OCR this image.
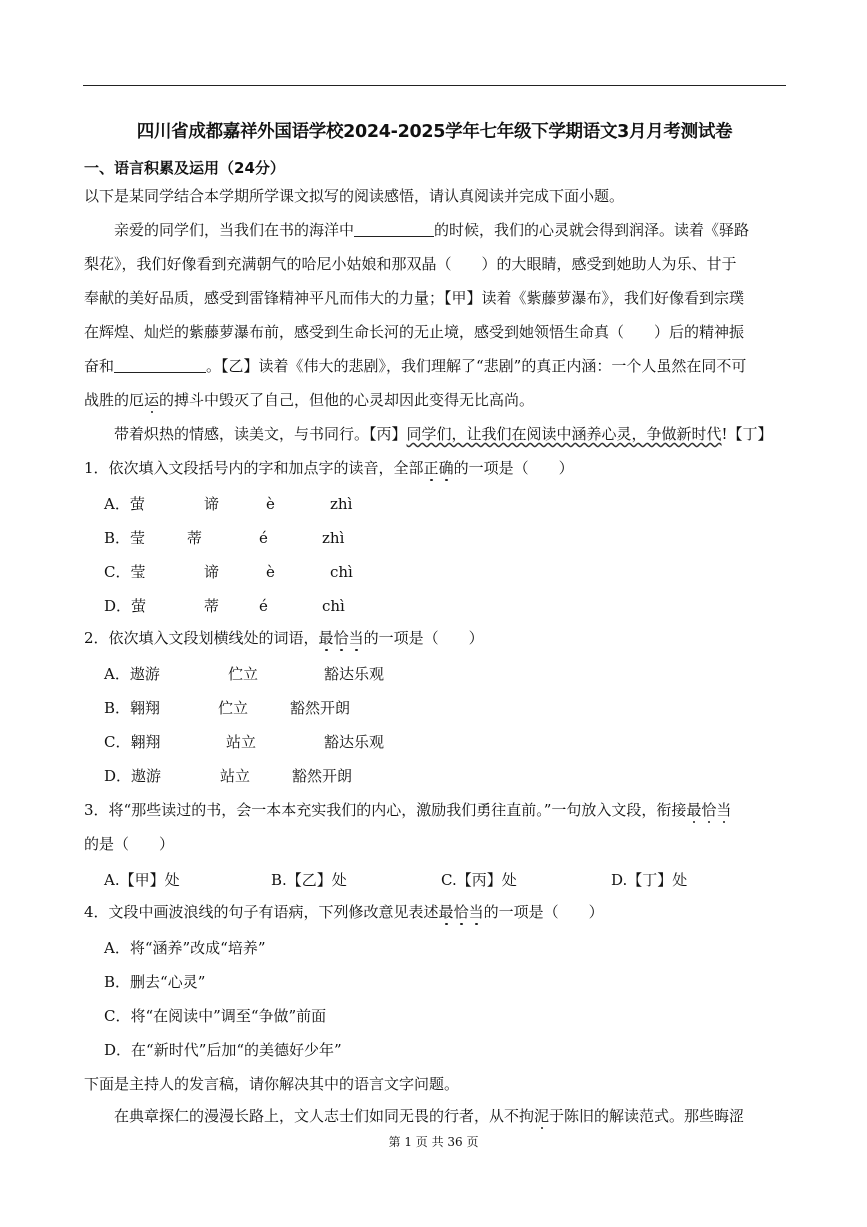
四川省成都嘉祥外国语学校2024-2025学年七年级下学期语文3月月考测试卷
一、语言积累及运用（24分）
以下是某同学结合本学期所学课文拟写的阅读感悟，请认真阅读并完成下面小题。
亲爱的同学们，当我们在书的海洋中	的时候，我们的心灵就会得到润泽。读着《驿路
梨花》，我们好像看到充满朝气的哈尼小姑娘和那双晶（　　）的大眼睛，感受到她助人为乐、甘于
奉献的美好品质，感受到雷锋精神平凡而伟大的力量；【甲】读着《紫藤萝瀑布》，我们好像看到宗璞
在辉煌、灿烂的紫藤萝瀑布前，感受到生命长河的无止境，感受到她领悟生命真（　　）后的精神振
奋和	。【乙】读着《伟大的悲剧》，我们理解了“悲剧”的真正内涵：一个人虽然在同不可
战胜的厄运的搏斗中毁灭了自己，但他的心灵却因此变得无比高尚。
带着炽热的情感，读美文，与书同行。【丙】同学们，让我们在阅读中涵养心灵，争做新时代!【丁】
1．依次填入文段括号内的字和加点字的读音，全部正确的一项是（　　）
A．萤	谛	è	zhì
B．莹	蒂	é	zhì
C．莹	谛	è	chì
D．萤	蒂	é	chì
2．依次填入文段划横线处的词语，最恰当的一项是（　　）
A．遨游	伫立	豁达乐观
B．翱翔	伫立	豁然开朗
C．翱翔	站立	豁达乐观
D．遨游	站立	豁然开朗
3．将“那些读过的书，会一本本充实我们的内心，激励我们勇往直前。”一句放入文段，衔接最恰当
的是（　　）
A.【甲】处	B.【乙】处	C.【丙】处	D.【丁】处
4．文段中画波浪线的句子有语病，下列修改意见表述最恰当的一项是（　　）
A．将“涵养”改成“培养”
B．删去“心灵”
C．将“在阅读中”调至“争做”前面
D．在“新时代”后加“的美德好少年”
下面是主持人的发言稿，请你解决其中的语言文字问题。
在典章探仁的漫漫长路上，文人志士们如同无畏的行者，从不拘泥于陈旧的解读范式。那些晦涩
第 1 页 共 36 页
